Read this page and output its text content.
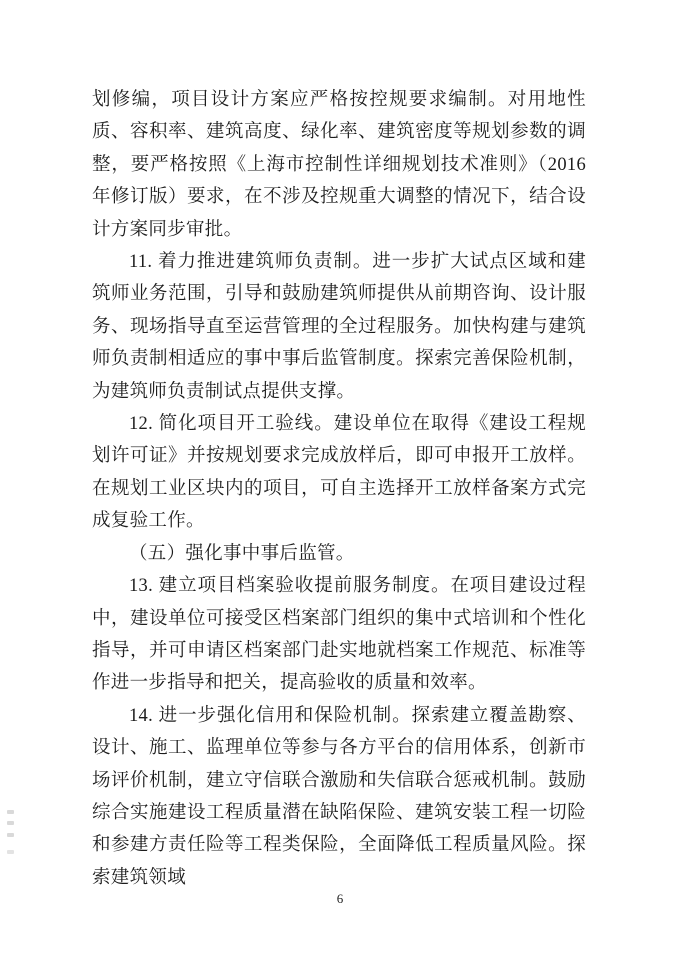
划修编，项目设计方案应严格按控规要求编制。对用地性质、容积率、建筑高度、绿化率、建筑密度等规划参数的调整，要严格按照《上海市控制性详细规划技术准则》（2016 年修订版）要求，在不涉及控规重大调整的情况下，结合设计方案同步审批。

11. 着力推进建筑师负责制。进一步扩大试点区域和建筑师业务范围，引导和鼓励建筑师提供从前期咨询、设计服务、现场指导直至运营管理的全过程服务。加快构建与建筑师负责制相适应的事中事后监管制度。探索完善保险机制，为建筑师负责制试点提供支撑。

12. 简化项目开工验线。建设单位在取得《建设工程规划许可证》并按规划要求完成放样后，即可申报开工放样。在规划工业区块内的项目，可自主选择开工放样备案方式完成复验工作。

（五）强化事中事后监管。

13. 建立项目档案验收提前服务制度。在项目建设过程中，建设单位可接受区档案部门组织的集中式培训和个性化指导，并可申请区档案部门赴实地就档案工作规范、标准等作进一步指导和把关，提高验收的质量和效率。

14. 进一步强化信用和保险机制。探索建立覆盖勘察、设计、施工、监理单位等参与各方平台的信用体系，创新市场评价机制，建立守信联合激励和失信联合惩戒机制。鼓励综合实施建设工程质量潜在缺陷保险、建筑安装工程一切险和参建方责任险等工程类保险，全面降低工程质量风险。探索建筑领域

6
